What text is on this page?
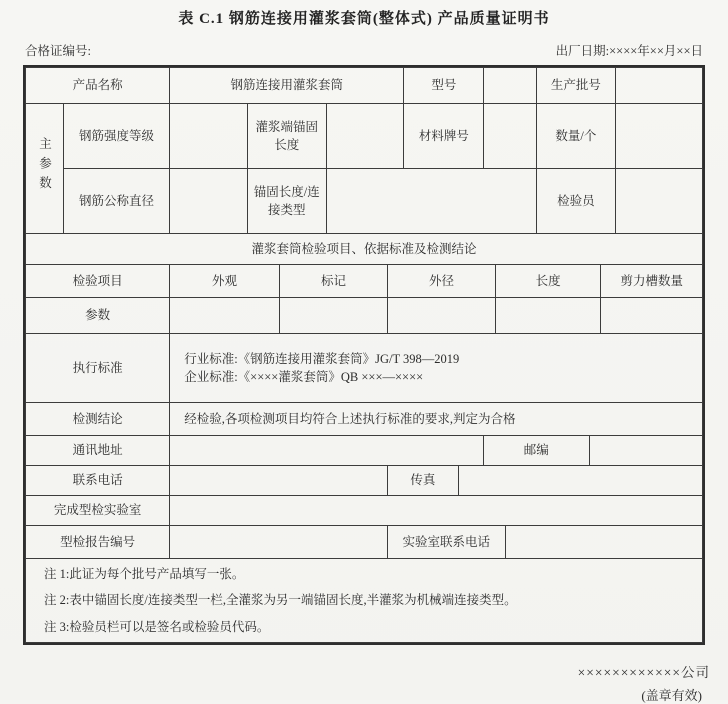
表 C.1 钢筋连接用灌浆套筒(整体式) 产品质量证明书
合格证编号:	出厂日期:××××年××月××日
产品名称	钢筋连接用灌浆套筒	型号		生产批号	
主参数	钢筋强度等级		灌浆端锚固长度		材料牌号		数量/个	
	钢筋公称直径		锚固长度/连接类型				检验员	
灌浆套筒检验项目、依据标准及检测结论
检验项目	外观	标记	外径	长度	剪力槽数量
参数					
执行标准	行业标准:《钢筋连接用灌浆套筒》JG/T 398—2019
企业标准:《××××灌浆套筒》QB ×××—××××

检测结论	经检验,各项检测项目均符合上述执行标准的要求,判定为合格
通讯地址		邮编	
联系电话		传真	
完成型检实验室	
型检报告编号		实验室联系电话	
注 1:此证为每个批号产品填写一张。
注 2:表中锚固长度/连接类型一栏,全灌浆为另一端锚固长度,半灌浆为机械端连接类型。
注 3:检验员栏可以是签名或检验员代码。
××××××××××××公司
(盖章有效)
